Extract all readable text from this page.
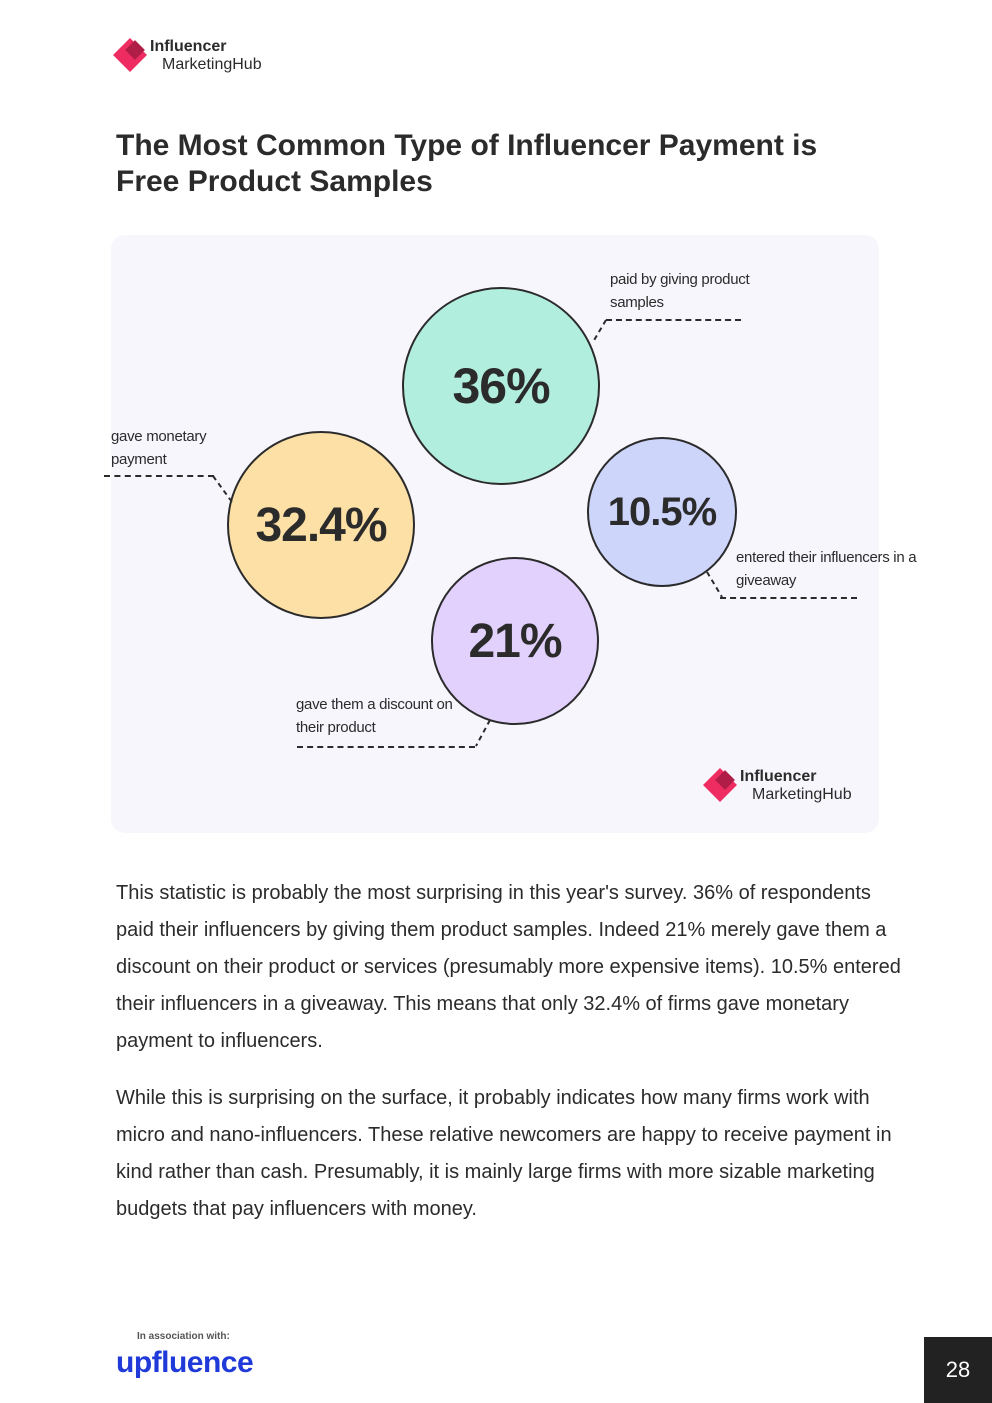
Influencer
MarketingHub
The Most Common Type of Influencer Payment is Free Product Samples
36%
paid by giving product samples
32.4%
gave monetary payment
10.5%
entered their influencers in a giveaway
21%
gave them a discount on their product
Influencer
MarketingHub

This statistic is probably the most surprising in this year's survey. 36% of respondents paid their influencers by giving them product samples. Indeed 21% merely gave them a discount on their product or services (presumably more expensive items). 10.5% entered their influencers in a giveaway. This means that only 32.4% of firms gave monetary payment to influencers.

While this is surprising on the surface, it probably indicates how many firms work with micro and nano-influencers. These relative newcomers are happy to receive payment in kind rather than cash. Presumably, it is mainly large firms with more sizable marketing budgets that pay influencers with money.

In association with:
upfluence	28
